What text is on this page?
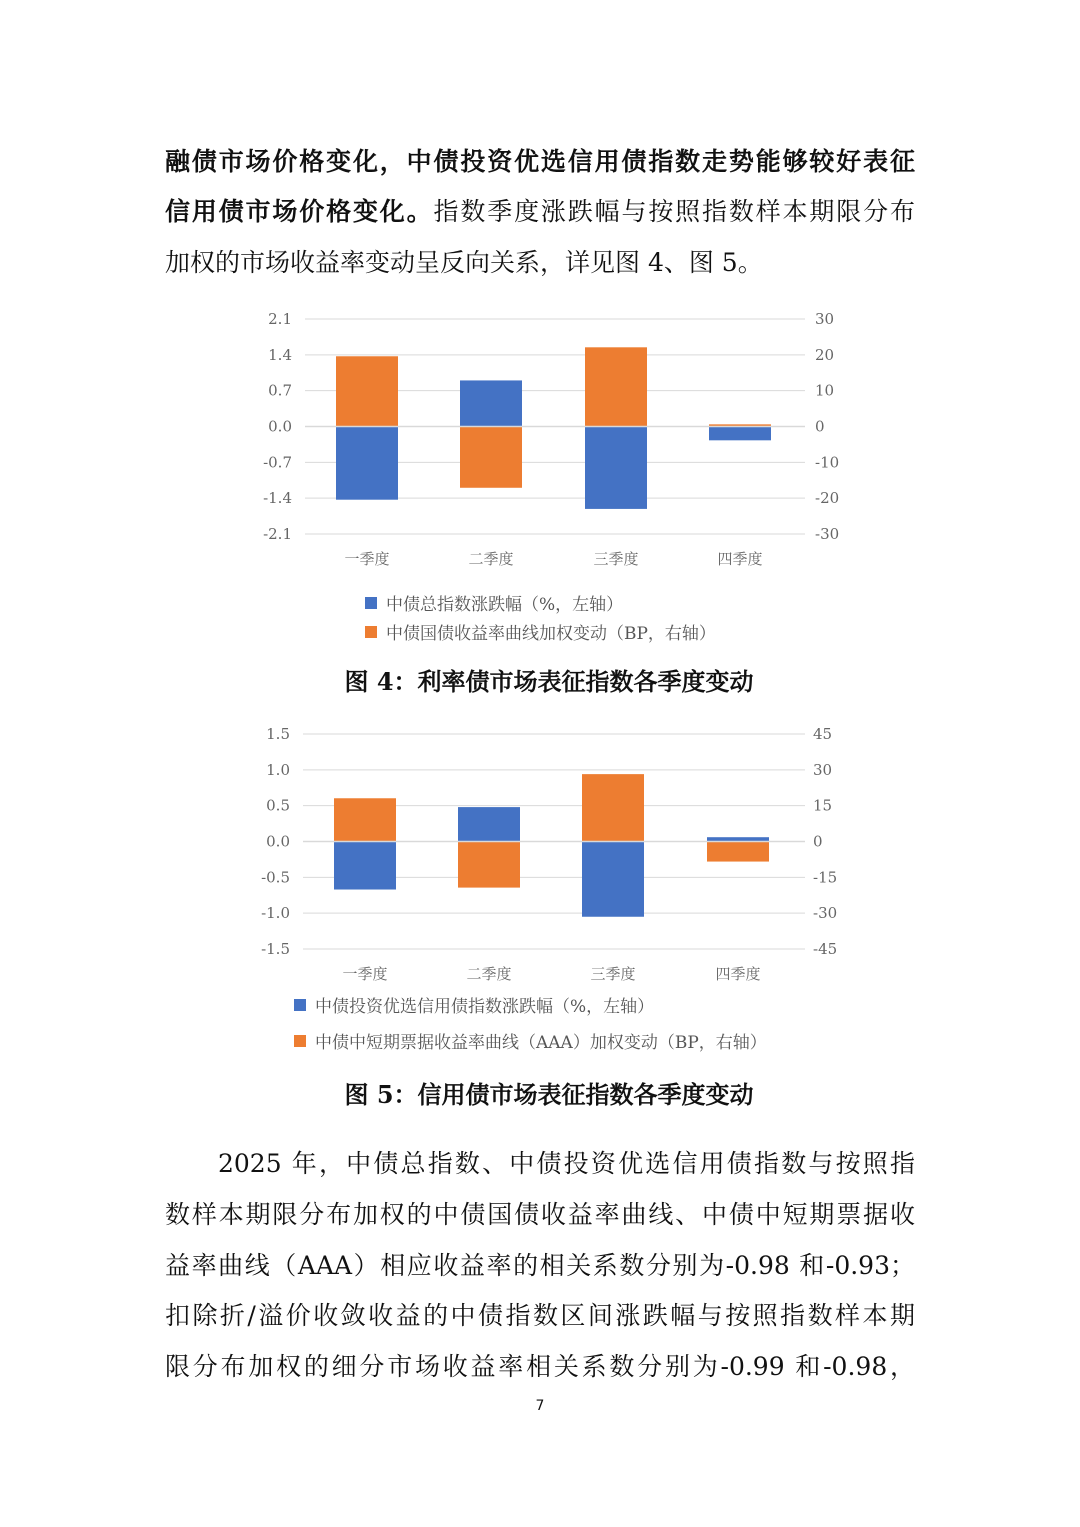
融债市场价格变化，中债投资优选信用债指数走势能够较好表征
信用债市场价格变化。指数季度涨跌幅与按照指数样本期限分布
加权的市场收益率变动呈反向关系，详见图 4、图 5。
2.1	30
1.4	20
0.7	10
0.0	0
-0.7	-10
-1.4	-20
-2.1	-30
一季度	二季度	三季度	四季度
1.5	45
1.0	30
0.5	15
0.0	0
-0.5	-15
-1.0	-30
-1.5	-45
一季度	二季度	三季度	四季度
中债总指数涨跌幅（%，左轴）
中债国债收益率曲线加权变动（BP，右轴）
图 4：利率债市场表征指数各季度变动
中债投资优选信用债指数涨跌幅（%，左轴）
中债中短期票据收益率曲线（AAA）加权变动（BP，右轴）
图 5：信用债市场表征指数各季度变动
2025 年，中债总指数、中债投资优选信用债指数与按照指
数样本期限分布加权的中债国债收益率曲线、中债中短期票据收
益率曲线（AAA）相应收益率的相关系数分别为-0.98 和-0.93；
扣除折/溢价收敛收益的中债指数区间涨跌幅与按照指数样本期
限分布加权的细分市场收益率相关系数分别为-0.99 和-0.98，
7
